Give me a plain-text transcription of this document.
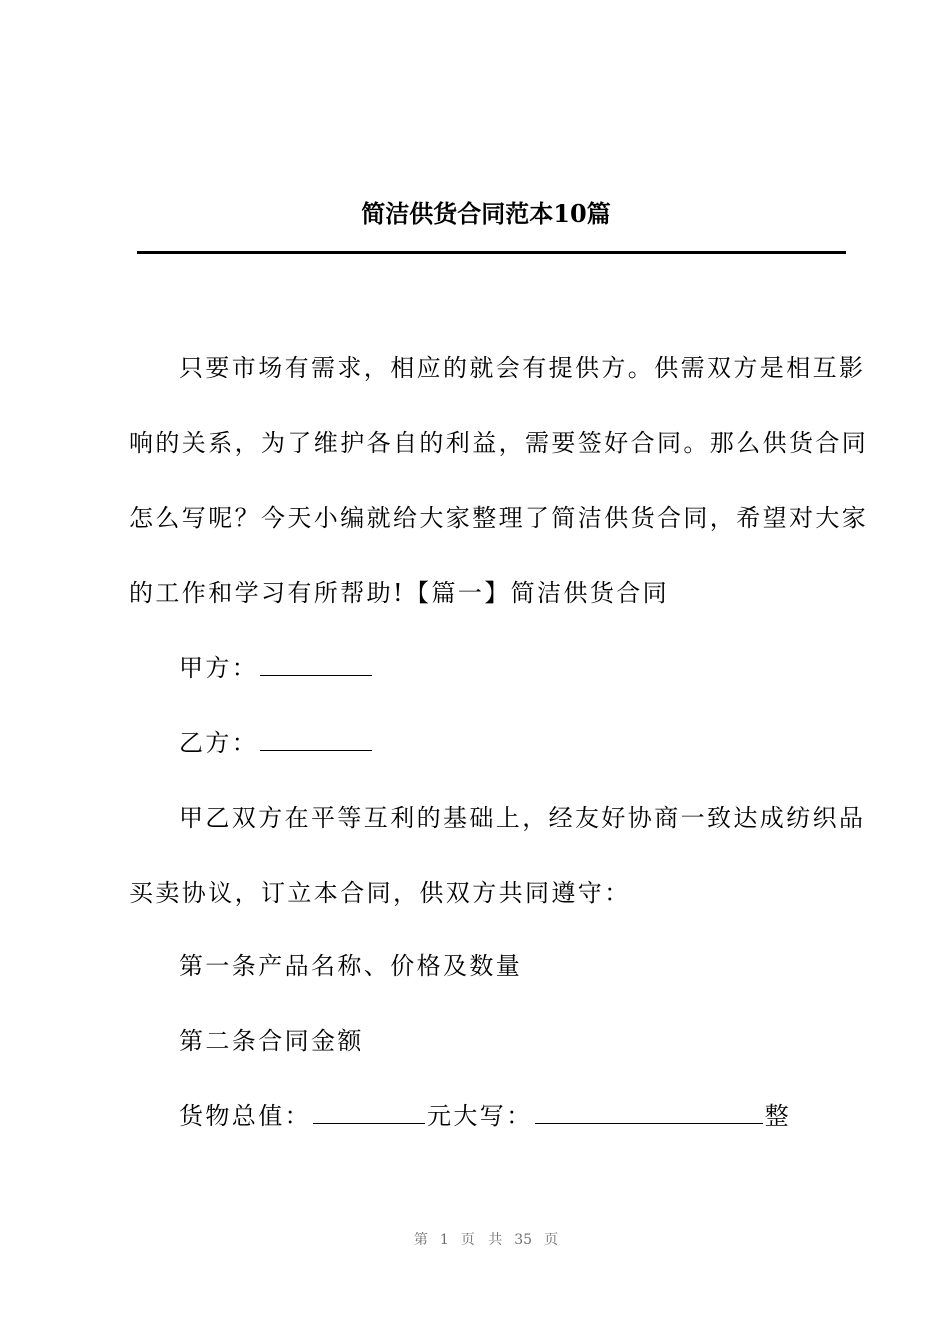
简洁供货合同范本10篇
只要市场有需求，相应的就会有提供方。供需双方是相互影
响的关系，为了维护各自的利益，需要签好合同。那么供货合同
怎么写呢？今天小编就给大家整理了简洁供货合同，希望对大家
的工作和学习有所帮助!【篇一】简洁供货合同
甲方：
乙方：
甲乙双方在平等互利的基础上，经友好协商一致达成纺织品
买卖协议，订立本合同，供双方共同遵守：
第一条产品名称、价格及数量
第二条合同金额
货物总值：	元大写：	整
第 1 页 共 35 页
